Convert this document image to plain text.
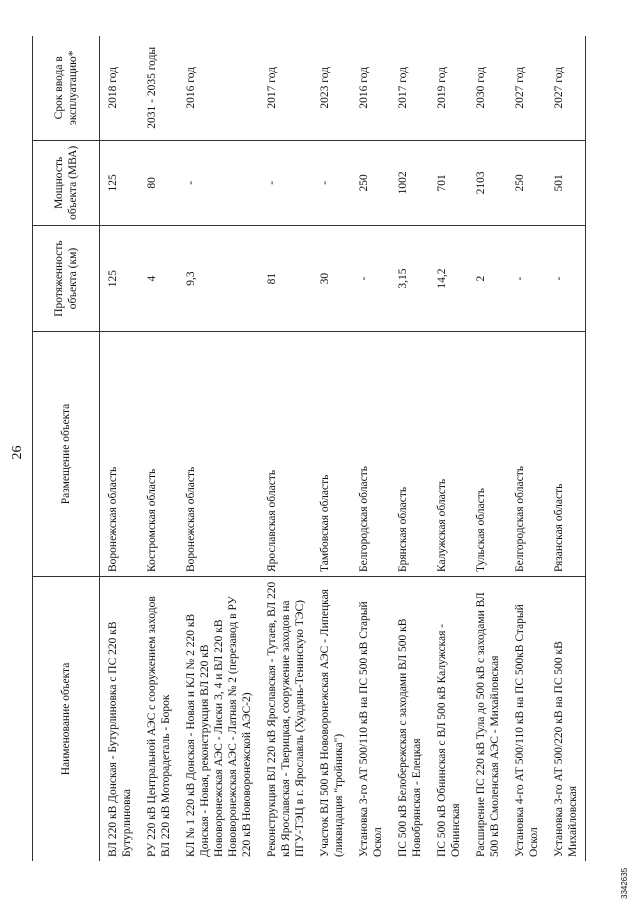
26
Наименование объекта	Размещение объекта	Протяженность объекта (км)	Мощность объекта (МВА)	Срок ввода в эксплуатацию*
ВЛ 220 кВ Донская - Бутурлиновка с ПС 220 кВ Бутурлиновка	Воронежская область	125	125	2018 год
РУ 220 кВ Центральной АЭС с сооружением заходов ВЛ 220 кВ Моторадеталь - Борок	Костромская область	4	80	2031 - 2035 годы
КЛ № 1 220 кВ Донская - Новая и КЛ № 2 220 кВ Донская - Новая, реконструкция ВЛ 220 кВ Нововоронежская АЭС - Лиски 3, 4 и ВЛ 220 кВ Нововоронежская АЭС - Латная № 2 (перезавод в РУ 220 кВ Нововоронежской АЭС-2)	Воронежская область	9,3	-	2016 год
Реконструкция ВЛ 220 кВ Ярославская - Тутаев, ВЛ 220 кВ Ярославская - Тверицкая, сооружение заходов на ПГУ-ТЭЦ в г. Ярославль (Хуадянь-Тенинскую ТЭС)	Ярославская область	81	-	2017 год
Участок ВЛ 500 кВ Нововоронежская АЭС - Липецкая (ликвидация "тройника")	Тамбовская область	30	-	2023 год
Установка 3-го АТ 500/110 кВ на ПС 500 кВ Старый Оскол	Белгородская область	-	250	2016 год
ПС 500 кВ Белобережская с заходами ВЛ 500 кВ Новобрянская - Елецкая	Брянская область	3,15	1002	2017 год
ПС 500 кВ Обнинская с ВЛ 500 кВ Калужская - Обнинская	Калужская область	14,2	701	2019 год
Расширение ПС 220 кВ Тула до 500 кВ с заходами ВЛ 500 кВ Смоленская АЭС - Михайловская	Тульская область	2	2103	2030 год
Установка 4-го АТ 500/110 кВ на ПС 500кВ Старый Оскол	Белгородская область	-	250	2027 год
Установка 3-го АТ 500/220 кВ на ПС 500 кВ Михайловская	Рязанская область	-	501	2027 год
3342635
